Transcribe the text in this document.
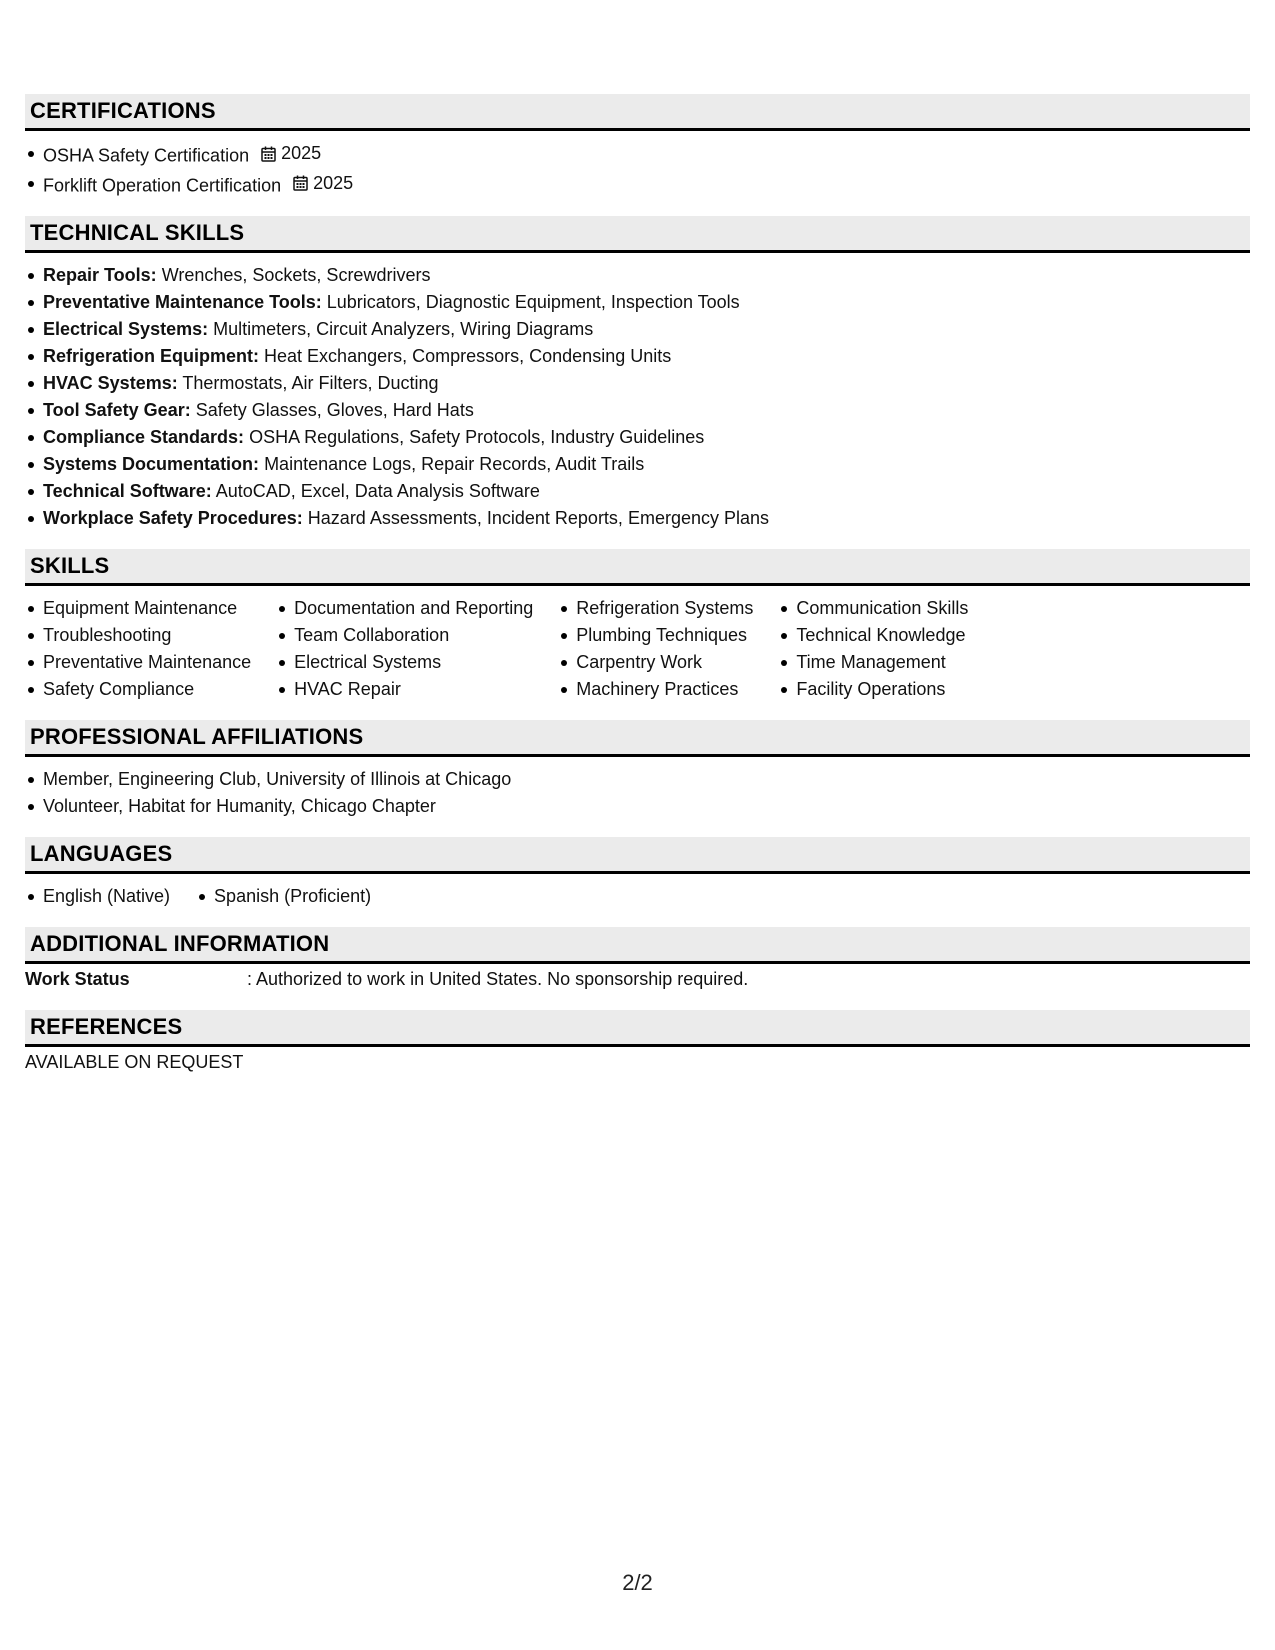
CERTIFICATIONS
OSHA Safety Certification 2025
Forklift Operation Certification 2025
TECHNICAL SKILLS
Repair Tools: Wrenches, Sockets, Screwdrivers
Preventative Maintenance Tools: Lubricators, Diagnostic Equipment, Inspection Tools
Electrical Systems: Multimeters, Circuit Analyzers, Wiring Diagrams
Refrigeration Equipment: Heat Exchangers, Compressors, Condensing Units
HVAC Systems: Thermostats, Air Filters, Ducting
Tool Safety Gear: Safety Glasses, Gloves, Hard Hats
Compliance Standards: OSHA Regulations, Safety Protocols, Industry Guidelines
Systems Documentation: Maintenance Logs, Repair Records, Audit Trails
Technical Software: AutoCAD, Excel, Data Analysis Software
Workplace Safety Procedures: Hazard Assessments, Incident Reports, Emergency Plans
SKILLS
Equipment Maintenance
Troubleshooting
Preventative Maintenance
Safety Compliance
Documentation and Reporting
Team Collaboration
Electrical Systems
HVAC Repair
Refrigeration Systems
Plumbing Techniques
Carpentry Work
Machinery Practices
Communication Skills
Technical Knowledge
Time Management
Facility Operations
PROFESSIONAL AFFILIATIONS
Member, Engineering Club, University of Illinois at Chicago
Volunteer, Habitat for Humanity, Chicago Chapter
LANGUAGES
English (Native)	Spanish (Proficient)
ADDITIONAL INFORMATION
Work Status	: Authorized to work in United States. No sponsorship required.
REFERENCES
AVAILABLE ON REQUEST
2/2
